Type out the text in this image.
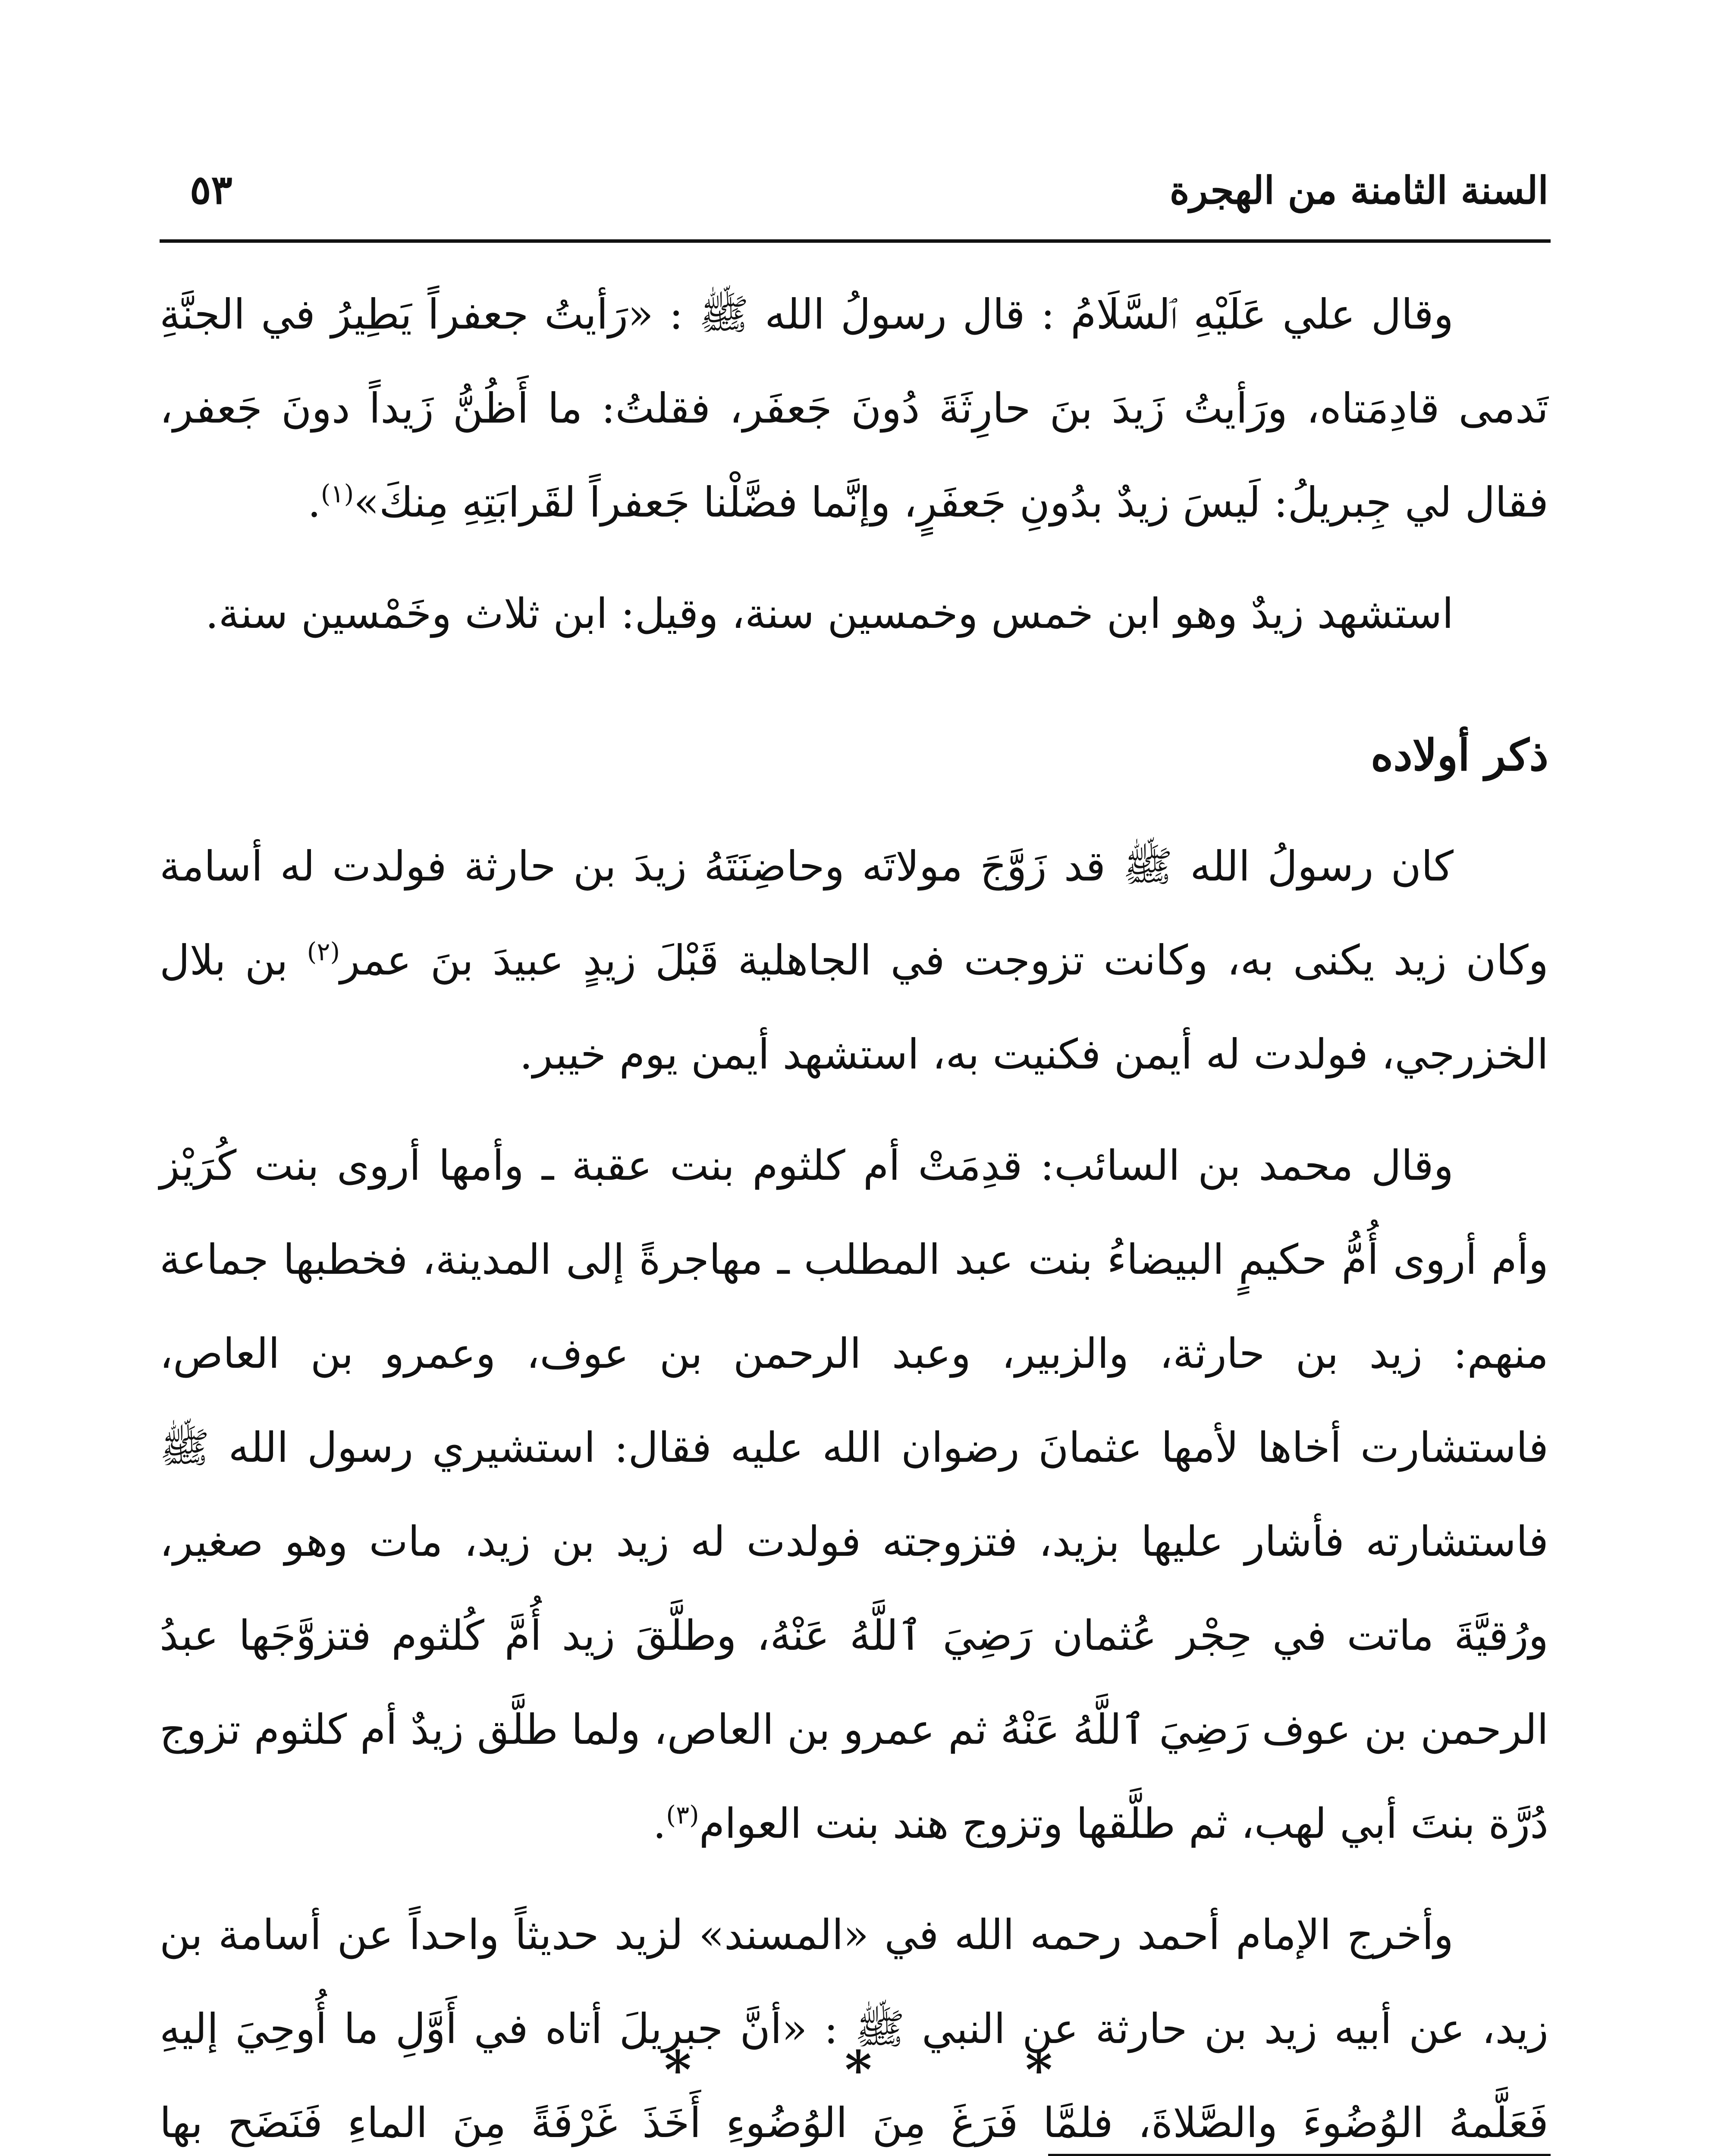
السنة الثامنة من الهجرة
٥٣

وقال علي عَلَيْهِ ٱلسَّلَامُ : قال رسولُ الله ﷺ : «رَأيتُ جعفراً يَطِيرُ في الجنَّةِ تَدمى قادِمَتاه، ورَأيتُ زَيدَ بنَ حارِثَةَ دُونَ جَعفَر، فقلتُ: ما أَظُنُّ زَيداً دونَ جَعفر، فقال لي جِبريلُ: لَيسَ زيدٌ بدُونِ جَعفَرٍ، وإنَّما فضَّلْنا جَعفراً لقَرابَتِهِ مِنكَ»$^{(١)}$.

استشهد زيدٌ وهو ابن خمس وخمسين سنة، وقيل: ابن ثلاث وخَمْسين سنة.

ذكر أولاده

كان رسولُ الله ﷺ قد زَوَّجَ مولاتَه وحاضِنَتَهُ زيدَ بن حارثة فولدت له أسامة وكان زيد يكنى به، وكانت تزوجت في الجاهلية قَبْلَ زيدٍ عبيدَ بنَ عمر$^{(٢)}$ بن بلال الخزرجي، فولدت له أيمن فكنيت به، استشهد أيمن يوم خيبر.

وقال محمد بن السائب: قدِمَتْ أم كلثوم بنت عقبة ـ وأمها أروى بنت كُرَيْز وأم أروى أُمُّ حكيمٍ البيضاءُ بنت عبد المطلب ـ مهاجرةً إلى المدينة، فخطبها جماعة منهم: زيد بن حارثة، والزبير، وعبد الرحمن بن عوف، وعمرو بن العاص، فاستشارت أخاها لأمها عثمانَ رضوان الله عليه فقال: استشيري رسول الله ﷺ فاستشارته فأشار عليها بزيد، فتزوجته فولدت له زيد بن زيد، مات وهو صغير، ورُقيَّةَ ماتت في حِجْر عُثمان رَضِيَ ٱللَّهُ عَنْهُ، وطلَّقَ زيد أُمَّ كُلثوم فتزوَّجَها عبدُ الرحمن بن عوف رَضِيَ ٱللَّهُ عَنْهُ ثم عمرو بن العاص، ولما طلَّق زيدٌ أم كلثوم تزوج دُرَّة بنتَ أبي لهب، ثم طلَّقها وتزوج هند بنت العوام$^{(٣)}$.

وأخرج الإمام أحمد رحمه الله في «المسند» لزيد حديثاً واحداً عن أسامة بن زيد، عن أبيه زيد بن حارثة عن النبي ﷺ : «أنَّ جبريلَ أتاه في أَوَّلِ ما أُوحِيَ إليهِ فَعَلَّمهُ الوُضُوءَ والصَّلاةَ، فلمَّا فَرَغَ مِنَ الوُضُوءِ أَخَذَ غَرْفَةً مِنَ الماءِ فَنَضَح بها

*
*
*
